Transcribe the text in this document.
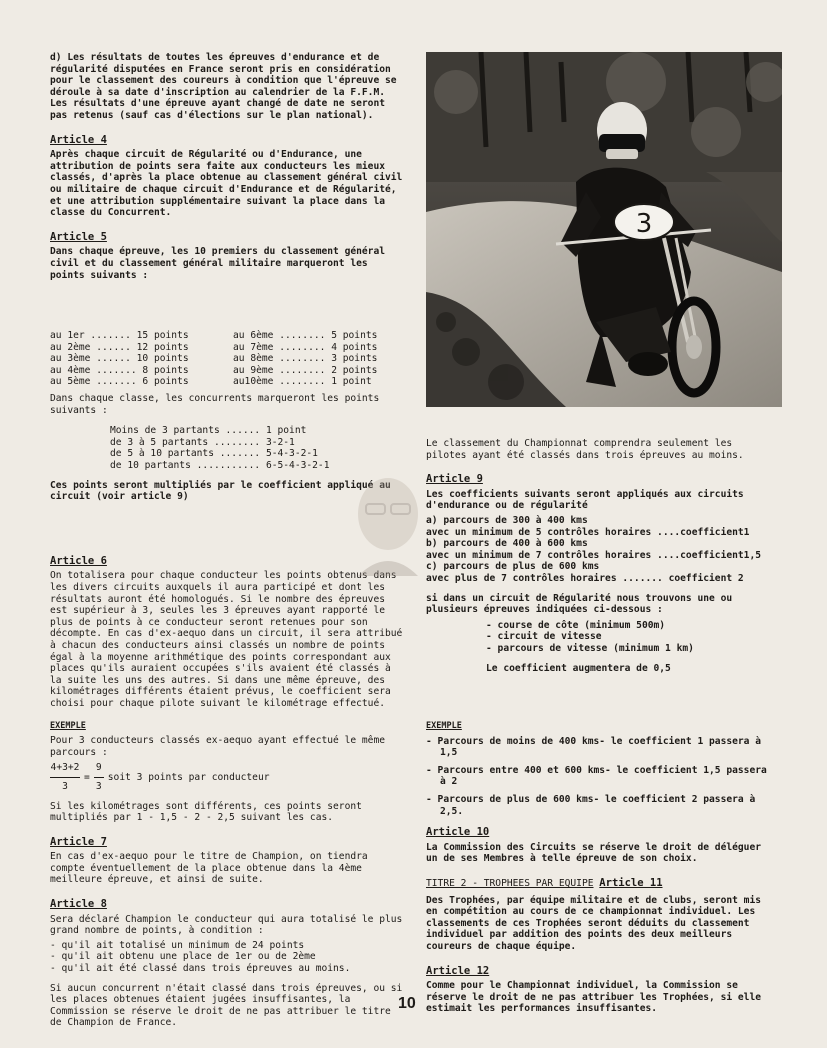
d) Les résultats de toutes les épreuves d'endurance et de régularité disputées en France seront pris en considération pour le classement des coureurs à condition que l'épreuve se déroule à sa date d'inscription au calendrier de la F.F.M. Les résultats d'une épreuve ayant changé de date ne seront pas retenus (sauf cas d'élections sur le plan national).

Article 4

Après chaque circuit de Régularité ou d'Endurance, une attribution de points sera faite aux conducteurs les mieux classés, d'après la place obtenue au classement général civil ou militaire de chaque circuit d'Endurance et de Régularité, et une attribution supplémentaire suivant la place dans la classe du Concurrent.

Article 5

Dans chaque épreuve, les 10 premiers du classement général civil et du classement général militaire marqueront les points suivants :

au 1er ....... 15 points	au 6ème ........ 5 points
au 2ème ...... 12 points	au 7ème ........ 4 points
au 3ème ...... 10 points	au 8ème ........ 3 points
au 4ème ....... 8 points	au 9ème ........ 2 points
au 5ème ....... 6 points	au10ème ........ 1 point

Dans chaque classe, les concurrents marqueront les points suivants :

Moins de 3 partants ...... 1 point
de 3 à 5 partants ........ 3-2-1
de 5 à 10 partants ....... 5-4-3-2-1
de 10 partants ........... 6-5-4-3-2-1

Ces points seront multipliés par le coefficient appliqué au circuit (voir article 9)

Article 6

On totalisera pour chaque conducteur les points obtenus dans les divers circuits auxquels il aura participé et dont les résultats auront été homologués. Si le nombre des épreuves est supérieur à 3, seules les 3 épreuves ayant rapporté le plus de points à ce conducteur seront retenues pour son décompte. En cas d'ex-aequo dans un circuit, il sera attribué à chacun des conducteurs ainsi classés un nombre de points égal à la moyenne arithmétique des points correspondant aux places qu'ils auraient occupées s'ils avaient été classés à la suite les uns des autres. Si dans une même épreuve, des kilométrages différents étaient prévus, le coefficient sera choisi pour chaque pilote suivant le kilométrage effectué.

EXEMPLE

Pour 3 conducteurs classés ex-aequo ayant effectué le même parcours :

$\frac{4+3+2}{3} = \frac{9}{3}$ soit 3 points par conducteur

Si les kilométrages sont différents, ces points seront multipliés par 1 - 1,5 - 2 - 2,5 suivant les cas.

Article 7

En cas d'ex-aequo pour le titre de Champion, on tiendra compte éventuellement de la place obtenue dans la 4ème meilleure épreuve, et ainsi de suite.

Article 8

Sera déclaré Champion le conducteur qui aura totalisé le plus grand nombre de points, à condition :

- qu'il ait totalisé un minimum de 24 points
- qu'il ait obtenu une place de 1er ou de 2ème
- qu'il ait été classé dans trois épreuves au moins.

Si aucun concurrent n'était classé dans trois épreuves, ou si les places obtenues étaient jugées insuffisantes, la Commission se réserve le droit de ne pas attribuer le titre de Champion de France.

3

Le classement du Championnat comprendra seulement les pilotes ayant été classés dans trois épreuves au moins.

Article 9

Les coefficients suivants seront appliqués aux circuits d'endurance ou de régularité

a) parcours de 300 à 400 kms
avec un minimum de 5 contrôles horaires ....coefficient1
b) parcours de 400 à 600 kms
avec un minimum de 7 contrôles horaires ....coefficient1,5
c) parcours de plus de 600 kms
avec plus de 7 contrôles horaires ....... coefficient 2

si dans un circuit de Régularité nous trouvons une ou plusieurs épreuves indiquées ci-dessous :

- course de côte (minimum 500m)
- circuit de vitesse
- parcours de vitesse (minimum 1 km)

Le coefficient augmentera de 0,5

EXEMPLE
- Parcours de moins de 400 kms- le coefficient 1 passera à 1,5
- Parcours entre 400 et 600 kms- le coefficient 1,5 passera à 2
- Parcours de plus de 600 kms- le coefficient 2 passera à 2,5.
Article 10

La Commission des Circuits se réserve le droit de déléguer un de ses Membres à telle épreuve de son choix.

TITRE 2 - TROPHEES PAR EQUIPE Article 11

Des Trophées, par équipe militaire et de clubs, seront mis en compétition au cours de ce championnat individuel. Les classements de ces Trophées seront déduits du classement individuel par addition des points des deux meilleurs coureurs de chaque équipe.

Article 12

Comme pour le Championnat individuel, la Commission se réserve le droit de ne pas attribuer les Trophées, si elle estimait les performances insuffisantes.

10
